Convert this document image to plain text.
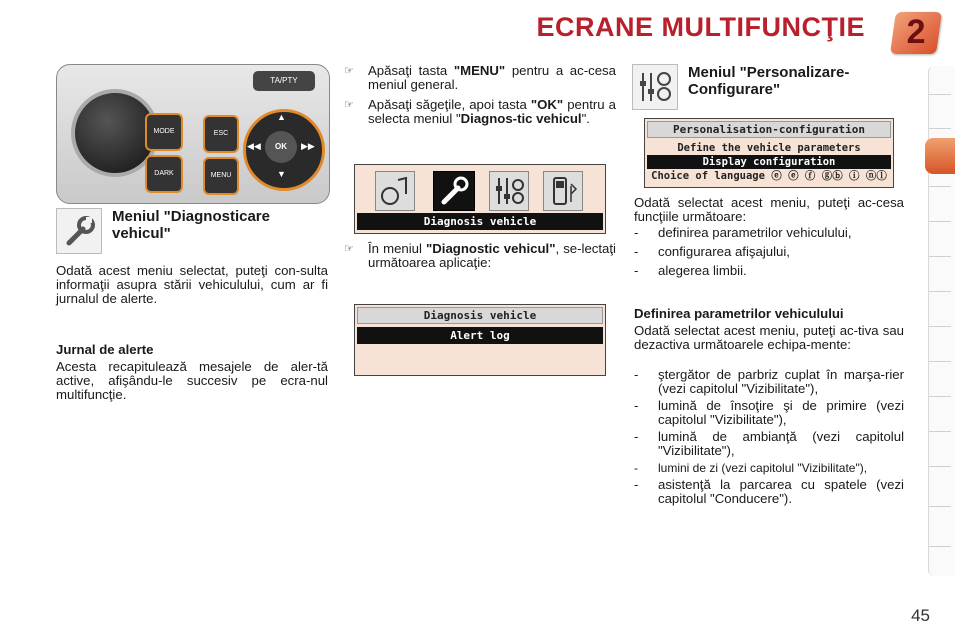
ECRANE MULTIFUNCŢIE	2
MODE
DARK
ESC
MENU
TA/PTY
OK
▲
▼
◀◀	▶▶
Meniul "Diagnosticare vehicul"
Odată acest meniu selectat, puteţi con-sulta informaţii asupra stării vehiculului, cum ar fi jurnalul de alerte.
Jurnal de alerte
Acesta recapitulează mesajele de aler-tă active, afişându-le succesiv pe ecra-nul multifuncţie.
☞ Apăsaţi tasta "MENU" pentru a ac-cesa meniul general.
☞ Apăsaţi săgeţile, apoi tasta "OK" pentru a selecta meniul "Diagnos-tic vehicul".
Diagnosis vehicle
☞ În meniul "Diagnostic vehicul", se-lectaţi următoarea aplicaţie:
Diagnosis vehicle
Alert log
Meniul "Personalizare-Configurare"
Personalisation-configuration
Define the vehicle parameters
Display configuration
Choice of language ⓔ ⓔ ⓕ ⓖⓑ ⓘ ⓝⓛ
Odată selectat acest meniu, puteţi ac-cesa funcţiile următoare:
- definirea parametrilor vehiculului,
- configurarea afişajului,
- alegerea limbii.
Definirea parametrilor vehiculului
Odată selectat acest meniu, puteţi ac-tiva sau dezactiva următoarele echipa-mente:
- ştergător de parbriz cuplat în marşa-rier (vezi capitolul "Vizibilitate"),
- lumină de însoţire şi de primire (vezi capitolul "Vizibilitate"),
- lumină de ambianţă (vezi capitolul "Vizibilitate"),
- lumini de zi (vezi capitolul "Vizibilitate"),
- asistenţă la parcarea cu spatele (vezi capitolul "Conducere").
45
